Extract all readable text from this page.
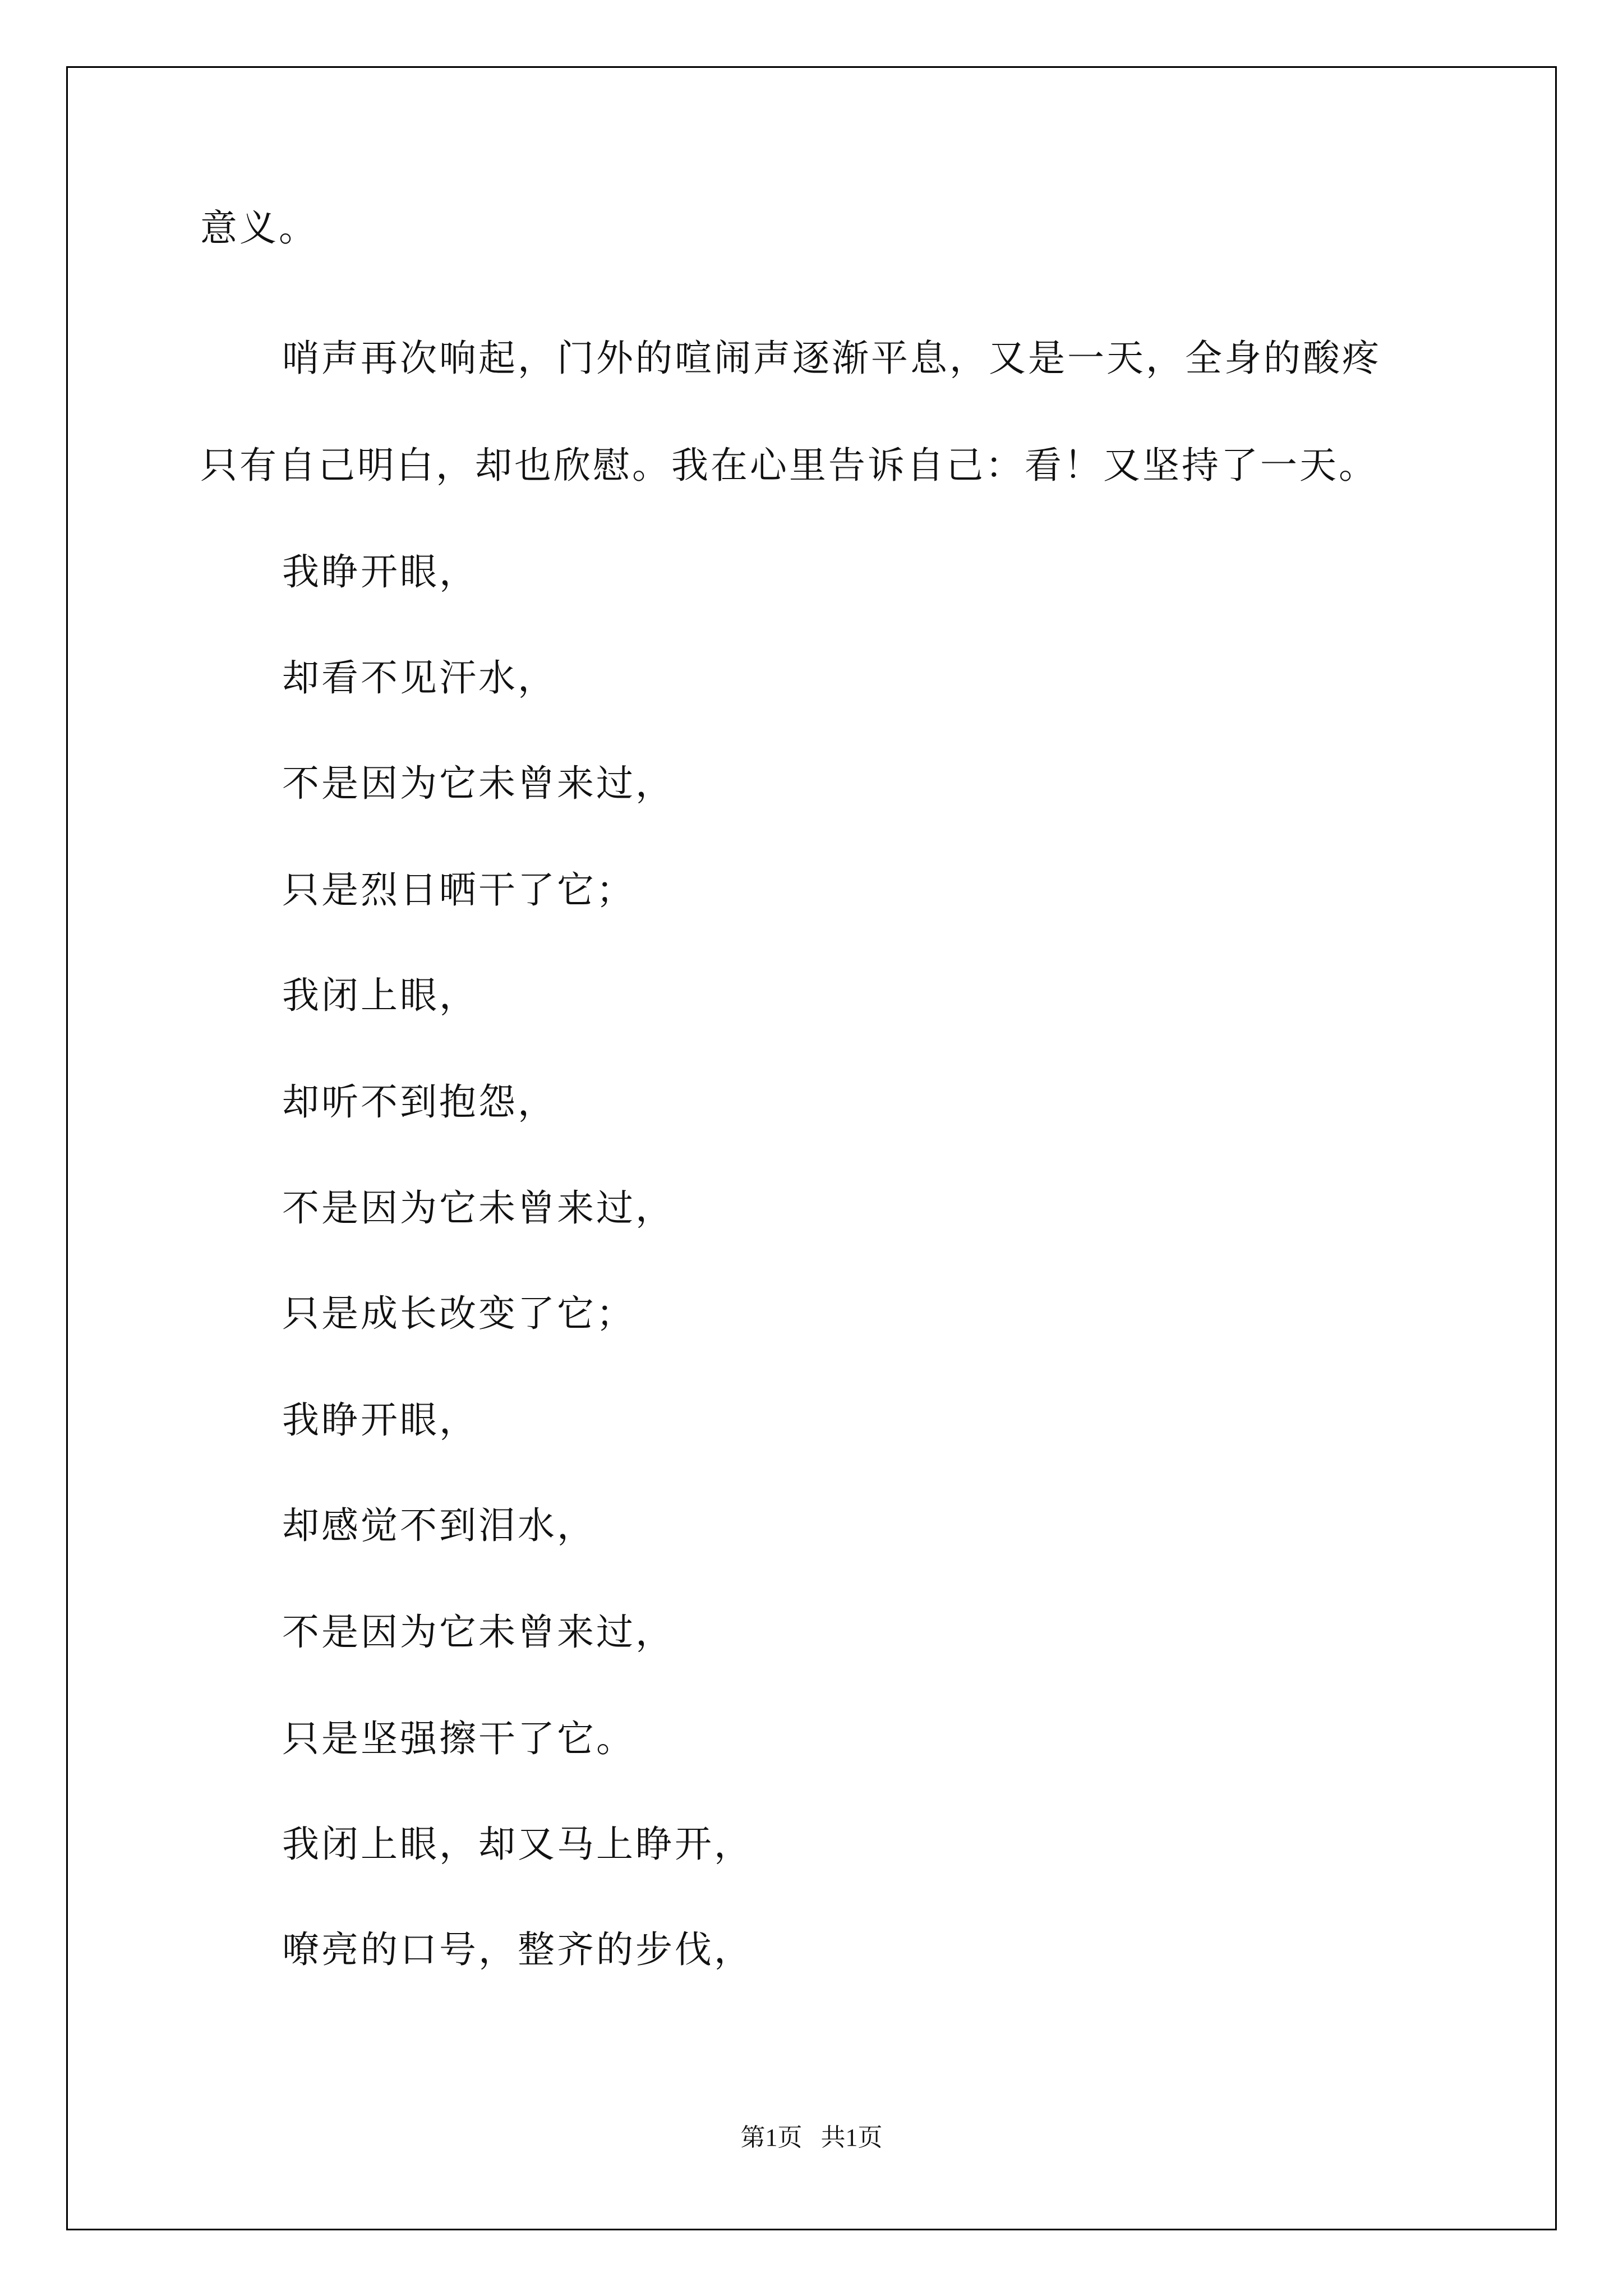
意义。

哨声再次响起，门外的喧闹声逐渐平息，又是一天，全身的酸疼

只有自己明白，却也欣慰。我在心里告诉自己：看！又坚持了一天。

我睁开眼，

却看不见汗水，

不是因为它未曾来过，

只是烈日晒干了它；

我闭上眼，

却听不到抱怨，

不是因为它未曾来过，

只是成长改变了它；

我睁开眼，

却感觉不到泪水，

不是因为它未曾来过，

只是坚强擦干了它。

我闭上眼，却又马上睁开，

嘹亮的口号，整齐的步伐，

第1页   共1页
